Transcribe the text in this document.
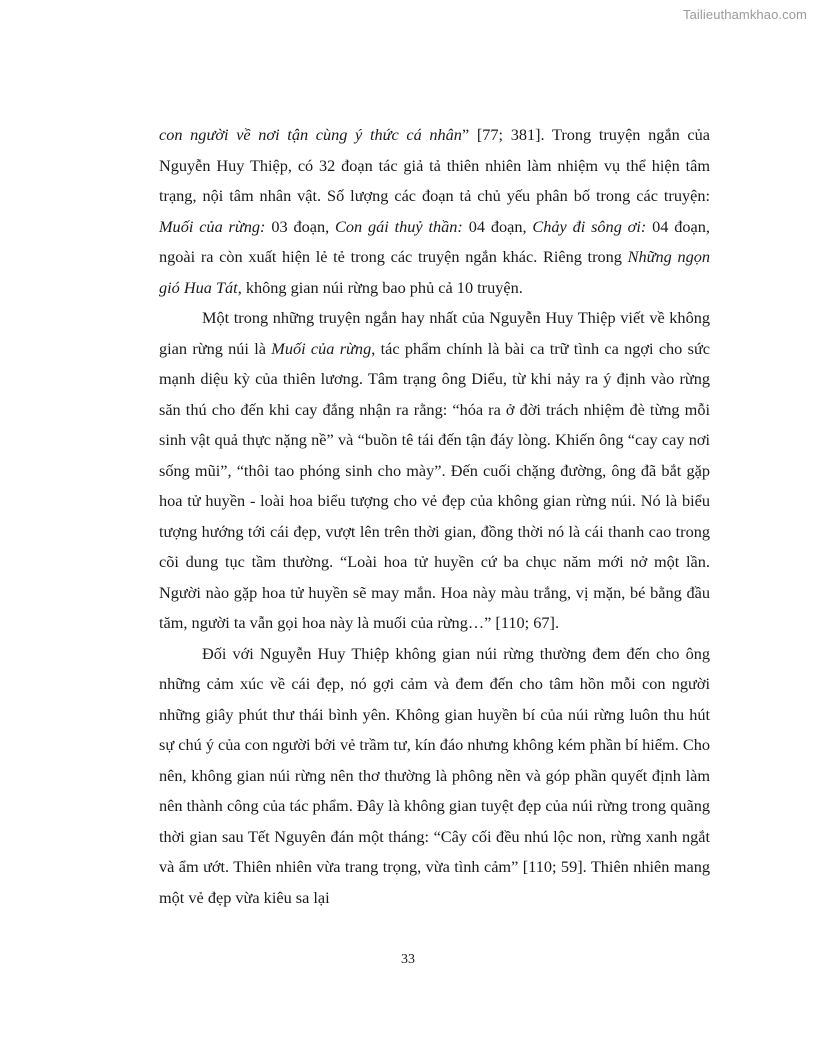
Tailieuthamkhao.com

con người về nơi tận cùng ý thức cá nhân” [77; 381]. Trong truyện ngắn của Nguyễn Huy Thiệp, có 32 đoạn tác giả tả thiên nhiên làm nhiệm vụ thể hiện tâm trạng, nội tâm nhân vật. Số lượng các đoạn tả chủ yếu phân bố trong các truyện: Muối của rừng: 03 đoạn, Con gái thuỷ thần: 04 đoạn, Chảy đi sông ơi: 04 đoạn, ngoài ra còn xuất hiện lẻ tẻ trong các truyện ngắn khác. Riêng trong Những ngọn gió Hua Tát, không gian núi rừng bao phủ cả 10 truyện.

Một trong những truyện ngắn hay nhất của Nguyễn Huy Thiệp viết về không gian rừng núi là Muối của rừng, tác phẩm chính là bài ca trữ tình ca ngợi cho sức mạnh diệu kỳ của thiên lương. Tâm trạng ông Diểu, từ khi nảy ra ý định vào rừng săn thú cho đến khi cay đắng nhận ra rằng: “hóa ra ở đời trách nhiệm đè từng mỗi sinh vật quả thực nặng nề” và “buồn tê tái đến tận đáy lòng. Khiến ông “cay cay nơi sống mũi”, “thôi tao phóng sinh cho mày”. Đến cuối chặng đường, ông đã bắt gặp hoa tử huyền - loài hoa biểu tượng cho vẻ đẹp của không gian rừng núi. Nó là biểu tượng hướng tới cái đẹp, vượt lên trên thời gian, đồng thời nó là cái thanh cao trong cõi dung tục tầm thường. “Loài hoa tử huyền cứ ba chục năm mới nở một lần. Người nào gặp hoa tử huyền sẽ may mắn. Hoa này màu trắng, vị mặn, bé bằng đầu tăm, người ta vẫn gọi hoa này là muối của rừng…” [110; 67].

Đối với Nguyễn Huy Thiệp không gian núi rừng thường đem đến cho ông những cảm xúc về cái đẹp, nó gợi cảm và đem đến cho tâm hồn mỗi con người những giây phút thư thái bình yên. Không gian huyền bí của núi rừng luôn thu hút sự chú ý của con người bởi vẻ trầm tư, kín đáo nhưng không kém phần bí hiểm. Cho nên, không gian núi rừng nên thơ thường là phông nền và góp phần quyết định làm nên thành công của tác phẩm. Đây là không gian tuyệt đẹp của núi rừng trong quãng thời gian sau Tết Nguyên đán một tháng: “Cây cối đều nhú lộc non, rừng xanh ngắt và ẩm ướt. Thiên nhiên vừa trang trọng, vừa tình cảm” [110; 59]. Thiên nhiên mang một vẻ đẹp vừa kiêu sa lại

33
